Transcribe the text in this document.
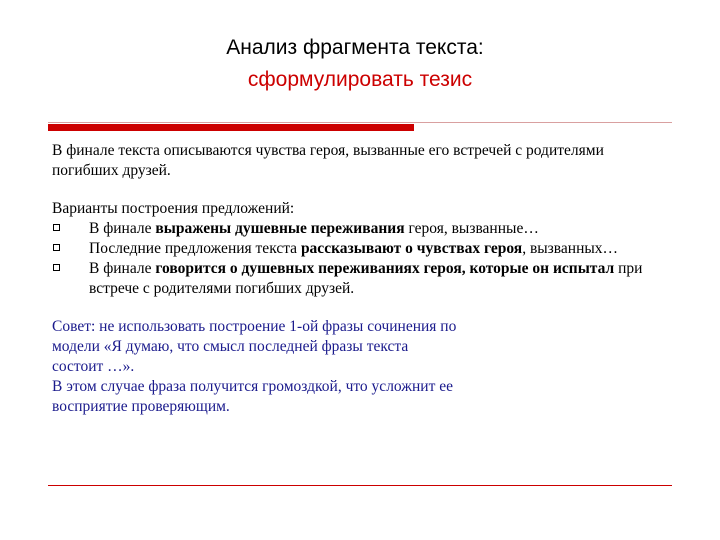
Анализ фрагмента текста:
сформулировать тезис

В финале текста описываются чувства героя, вызванные его встречей с родителями погибших друзей.

Варианты построения предложений:

В финале выражены душевные переживания героя, вызванные…
Последние предложения текста рассказывают о чувствах героя, вызванных…
В финале говорится о душевных переживаниях героя, которые он испытал при встрече с родителями погибших друзей.

Совет: не использовать построение 1-ой фразы сочинения по

модели «Я думаю, что смысл последней фразы текста

состоит …».

В этом случае фраза получится громоздкой, что усложнит ее

восприятие проверяющим.
